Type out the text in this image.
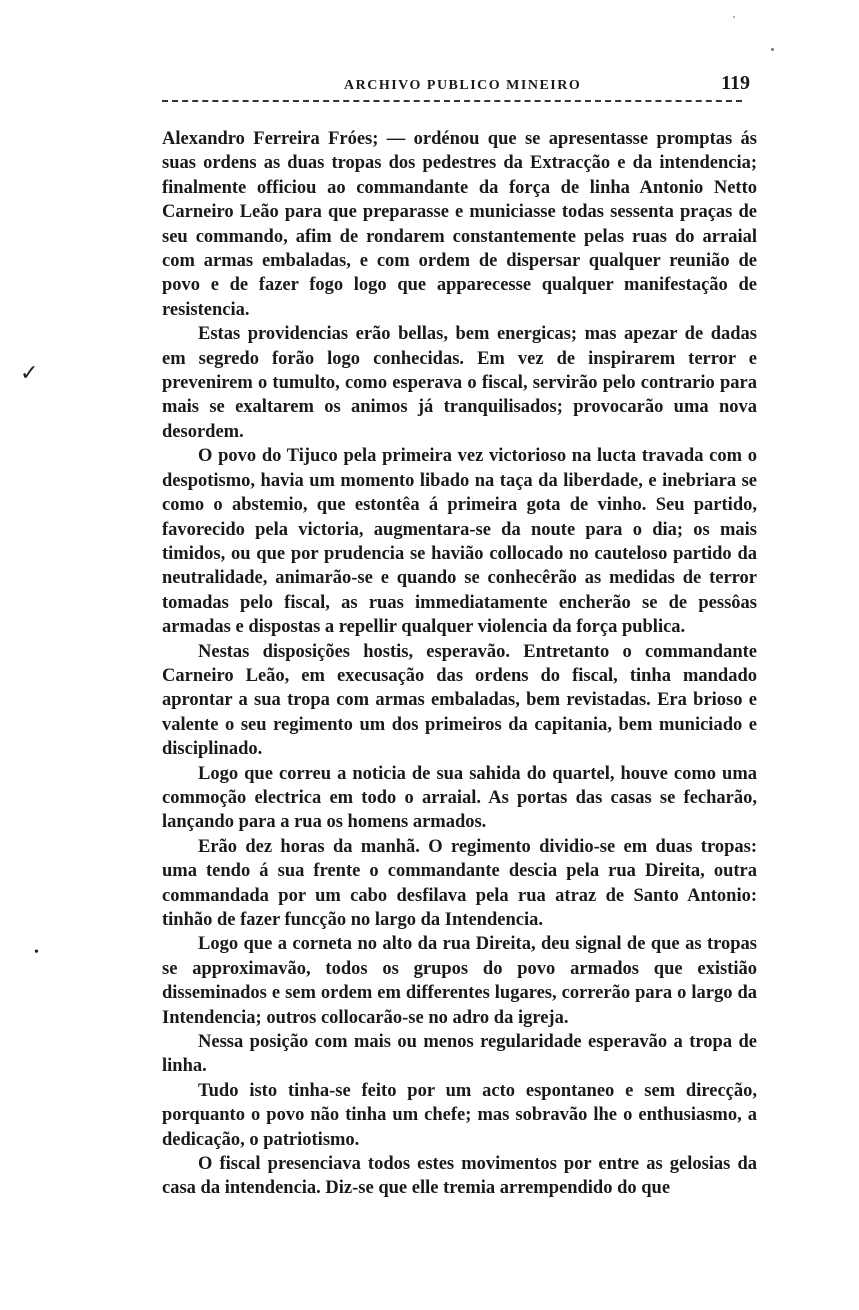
ARCHIVO PUBLICO MINEIRO	119
✓
•

Alexandro Ferreira Fróes; — ordénou que se apresentasse promptas ás suas ordens as duas tropas dos pedestres da Extracção e da intendencia; finalmente officiou ao commandante da força de linha Antonio Netto Carneiro Leão para que preparasse e municiasse todas sessenta praças de seu commando, afim de rondarem constantemente pelas ruas do arraial com armas embaladas, e com ordem de dispersar qualquer reunião de povo e de fazer fogo logo que apparecesse qualquer manifestação de resistencia.

Estas providencias erão bellas, bem energicas; mas apezar de dadas em segredo forão logo conhecidas. Em vez de inspirarem terror e prevenirem o tumulto, como esperava o fiscal, servirão pelo contrario para mais se exaltarem os animos já tranquilisados; provocarão uma nova desordem.

O povo do Tijuco pela primeira vez victorioso na lucta travada com o despotismo, havia um momento libado na taça da liberdade, e inebriara se como o abstemio, que estontêa á primeira gota de vinho. Seu partido, favorecido pela victoria, augmentara-se da noute para o dia; os mais timidos, ou que por prudencia se havião collocado no cauteloso partido da neutralidade, animarão-se e quando se conhecêrão as medidas de terror tomadas pelo fiscal, as ruas immediatamente encherão se de pessôas armadas e dispostas a repellir qualquer violencia da força publica.

Nestas disposições hostis, esperavão. Entretanto o commandante Carneiro Leão, em execusação das ordens do fiscal, tinha mandado aprontar a sua tropa com armas embaladas, bem revistadas. Era brioso e valente o seu regimento um dos primeiros da capitania, bem municiado e disciplinado.

Logo que correu a noticia de sua sahida do quartel, houve como uma commoção electrica em todo o arraial. As portas das casas se fecharão, lançando para a rua os homens armados.

Erão dez horas da manhã. O regimento dividio-se em duas tropas: uma tendo á sua frente o commandante descia pela rua Direita, outra commandada por um cabo desfilava pela rua atraz de Santo Antonio: tinhão de fazer funcção no largo da Intendencia.

Logo que a corneta no alto da rua Direita, deu signal de que as tropas se approximavão, todos os grupos do povo armados que existião disseminados e sem ordem em differentes lugares, correrão para o largo da Intendencia; outros collocarão-se no adro da igreja.

Nessa posição com mais ou menos regularidade esperavão a tropa de linha.

Tudo isto tinha-se feito por um acto espontaneo e sem direcção, porquanto o povo não tinha um chefe; mas sobravão lhe o enthusiasmo, a dedicação, o patriotismo.

O fiscal presenciava todos estes movimentos por entre as gelosias da casa da intendencia. Diz-se que elle tremia arrempendido do que
